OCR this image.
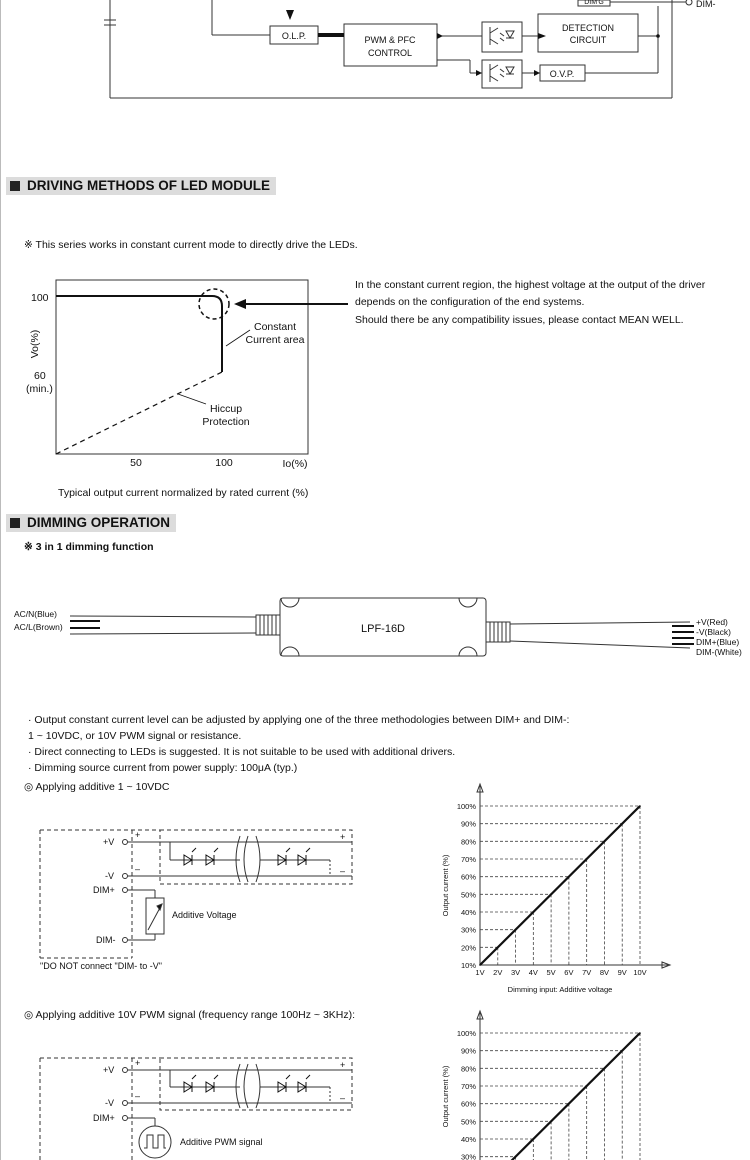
O.L.P.	PWM & PFC
CONTROL
DETECTION
CIRCUIT
O.V.P.
DIM'G	DIM-
DRIVING METHODS OF LED MODULE
※ This series works in constant current mode to directly drive the LEDs.
In the constant current region, the highest voltage at the output of the driver
depends on the configuration of the end systems.
Should there be any compatibility issues, please contact MEAN WELL.
100
60
(min.)
Vo(%)
50	100	Io(%)
Constant
Current area
Hiccup
Protection
Typical output current normalized by rated current (%)
DIMMING OPERATION
※ 3 in 1 dimming function
LPF-16D
AC/N(Blue)
AC/L(Brown)	+V(Red)
-V(Black)
DIM+(Blue)
DIM-(White)
· Output constant current level can be adjusted by applying one of the three methodologies between DIM+ and DIM-:
1 ~ 10VDC, or 10V PWM signal or resistance.
· Direct connecting to LEDs is suggested. It is not suitable to be used with additional drivers.
· Dimming source current from power supply: 100μA (typ.)
◎ Applying additive 1 ~ 10VDC
◎ Applying additive 10V PWM signal (frequency range 100Hz ~ 3KHz):
+V
-V
DIM+
DIM-
+
–
+
–
Additive Voltage
"DO NOT connect "DIM- to -V"
+V
-V
DIM+
+
–
+
–
Additive PWM signal
10%
20%
30%
40%
50%
60%
70%
80%
90%
100%
1V 2V 3V 4V 5V 6V 7V 8V 9V 10V
Output current (%)
Dimming input: Additive voltage
30%
40%
50%
60%
70%
80%
90%
100%
Output current (%)
